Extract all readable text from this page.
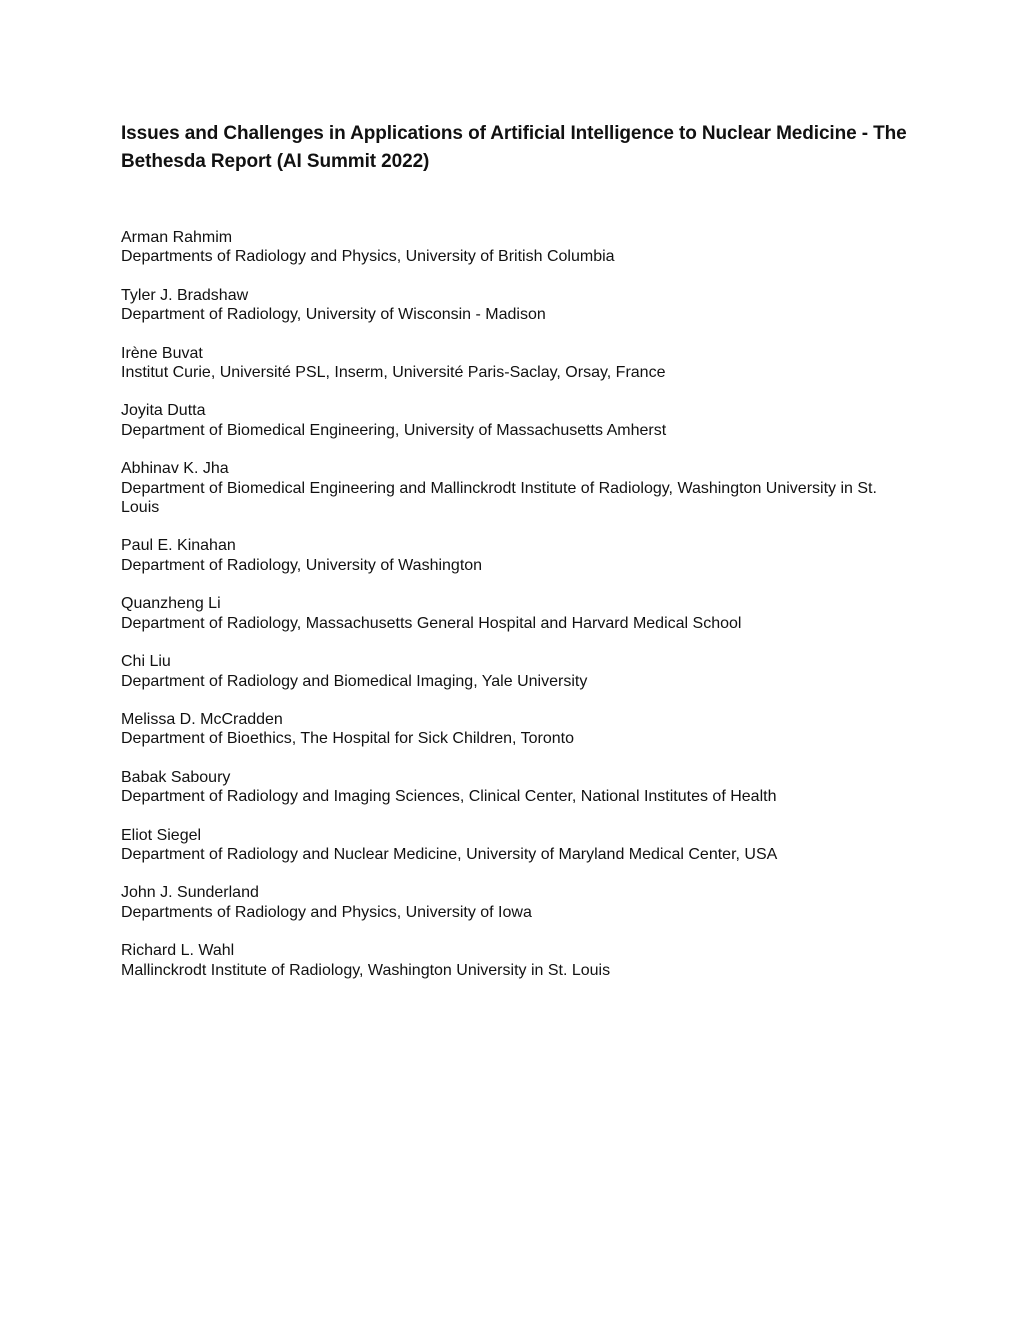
Issues and Challenges in Applications of Artificial Intelligence to Nuclear Medicine - The Bethesda Report (AI Summit 2022)
Arman Rahmim
Departments of Radiology and Physics, University of British Columbia
Tyler J. Bradshaw
Department of Radiology, University of Wisconsin - Madison
Irène Buvat
Institut Curie, Université PSL, Inserm, Université Paris-Saclay, Orsay, France
Joyita Dutta
Department of Biomedical Engineering, University of Massachusetts Amherst
Abhinav K. Jha
Department of Biomedical Engineering and Mallinckrodt Institute of Radiology, Washington University in St. Louis
Paul E. Kinahan
Department of Radiology, University of Washington
Quanzheng Li
Department of Radiology, Massachusetts General Hospital and Harvard Medical School
Chi Liu
Department of Radiology and Biomedical Imaging, Yale University
Melissa D. McCradden
Department of Bioethics, The Hospital for Sick Children, Toronto
Babak Saboury
Department of Radiology and Imaging Sciences, Clinical Center, National Institutes of Health
Eliot Siegel
Department of Radiology and Nuclear Medicine, University of Maryland Medical Center, USA
John J. Sunderland
Departments of Radiology and Physics, University of Iowa
Richard L. Wahl
Mallinckrodt Institute of Radiology, Washington University in St. Louis
